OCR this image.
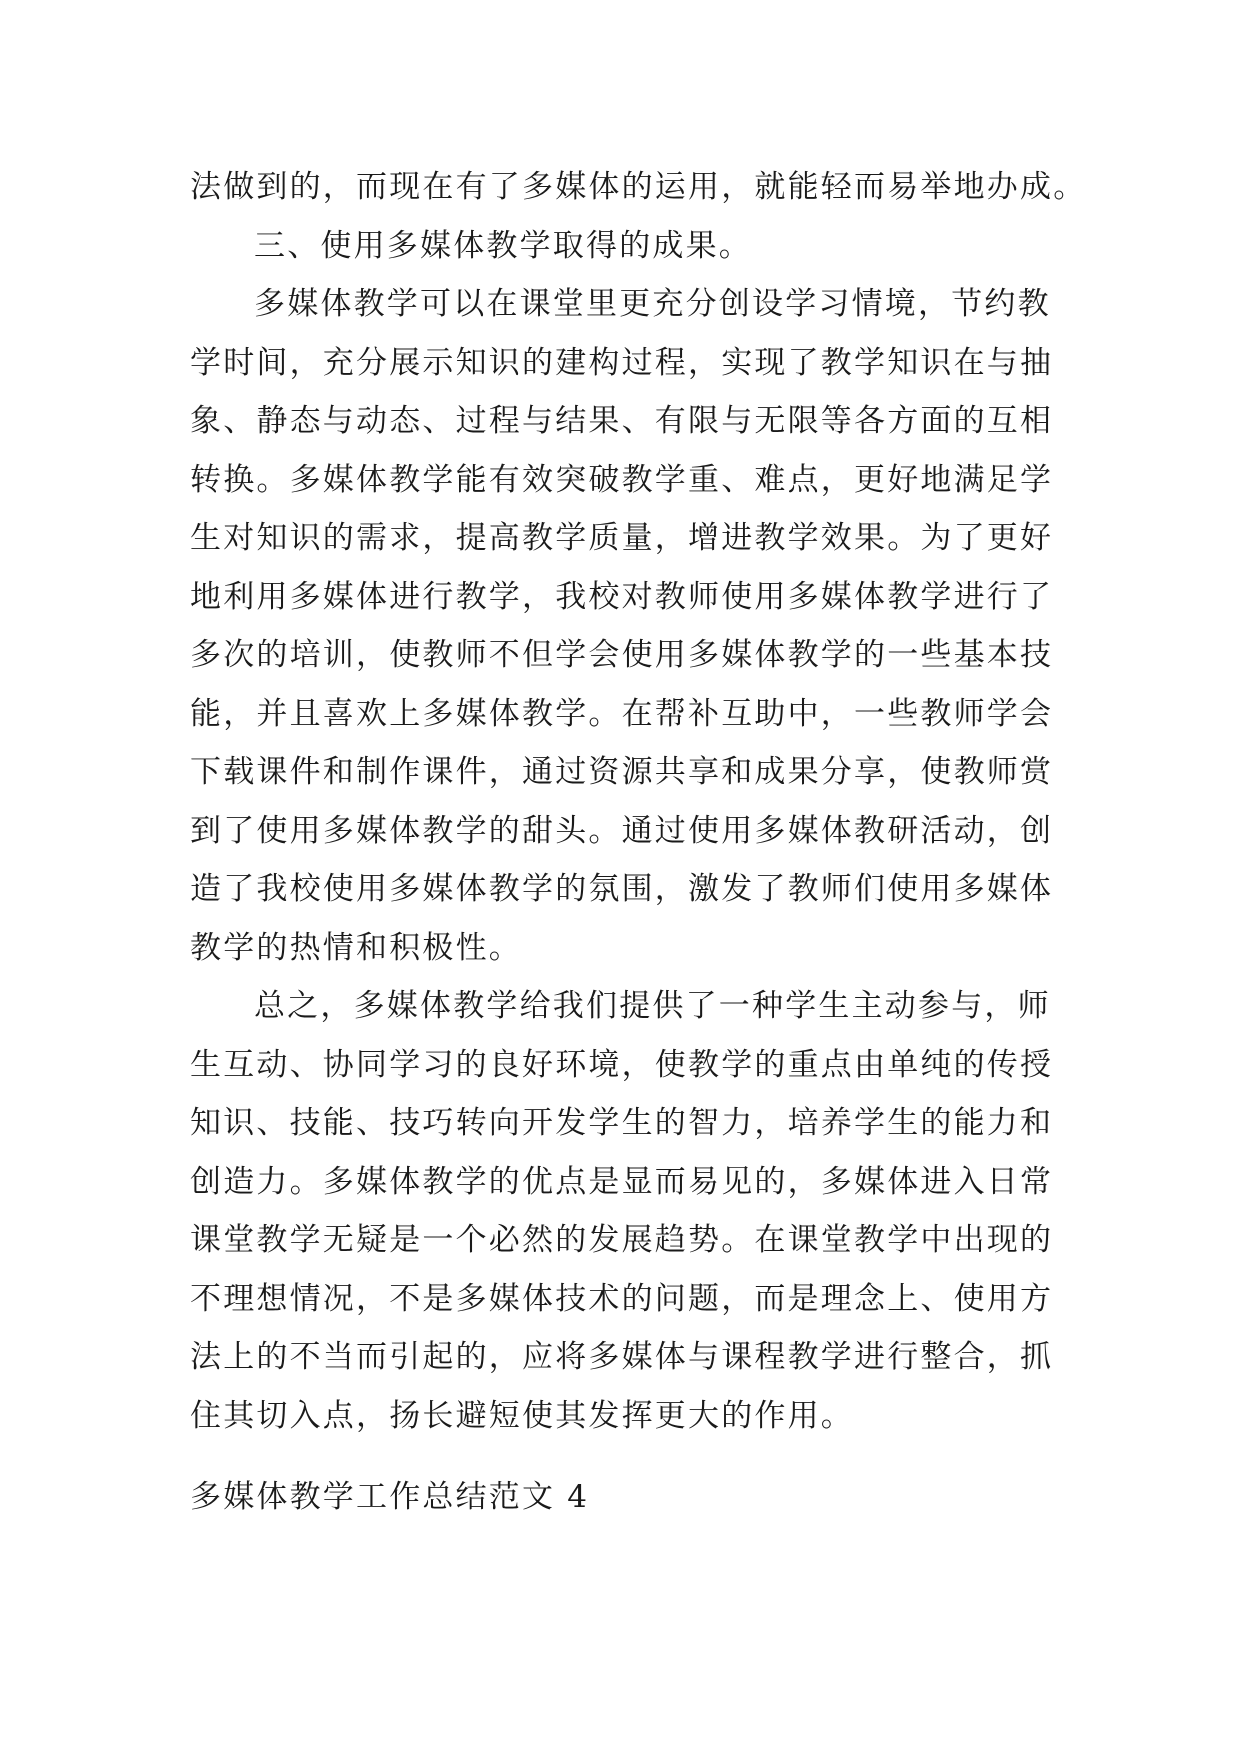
法做到的，而现在有了多媒体的运用，就能轻而易举地办成。
三、使用多媒体教学取得的成果。
多媒体教学可以在课堂里更充分创设学习情境，节约教
学时间，充分展示知识的建构过程，实现了教学知识在与抽
象、静态与动态、过程与结果、有限与无限等各方面的互相
转换。多媒体教学能有效突破教学重、难点，更好地满足学
生对知识的需求，提高教学质量，增进教学效果。为了更好
地利用多媒体进行教学，我校对教师使用多媒体教学进行了
多次的培训，使教师不但学会使用多媒体教学的一些基本技
能，并且喜欢上多媒体教学。在帮补互助中，一些教师学会
下载课件和制作课件，通过资源共享和成果分享，使教师赏
到了使用多媒体教学的甜头。通过使用多媒体教研活动，创
造了我校使用多媒体教学的氛围，激发了教师们使用多媒体
教学的热情和积极性。
总之，多媒体教学给我们提供了一种学生主动参与，师
生互动、协同学习的良好环境，使教学的重点由单纯的传授
知识、技能、技巧转向开发学生的智力，培养学生的能力和
创造力。多媒体教学的优点是显而易见的，多媒体进入日常
课堂教学无疑是一个必然的发展趋势。在课堂教学中出现的
不理想情况，不是多媒体技术的问题，而是理念上、使用方
法上的不当而引起的，应将多媒体与课程教学进行整合，抓
住其切入点，扬长避短使其发挥更大的作用。
多媒体教学工作总结范文 4
